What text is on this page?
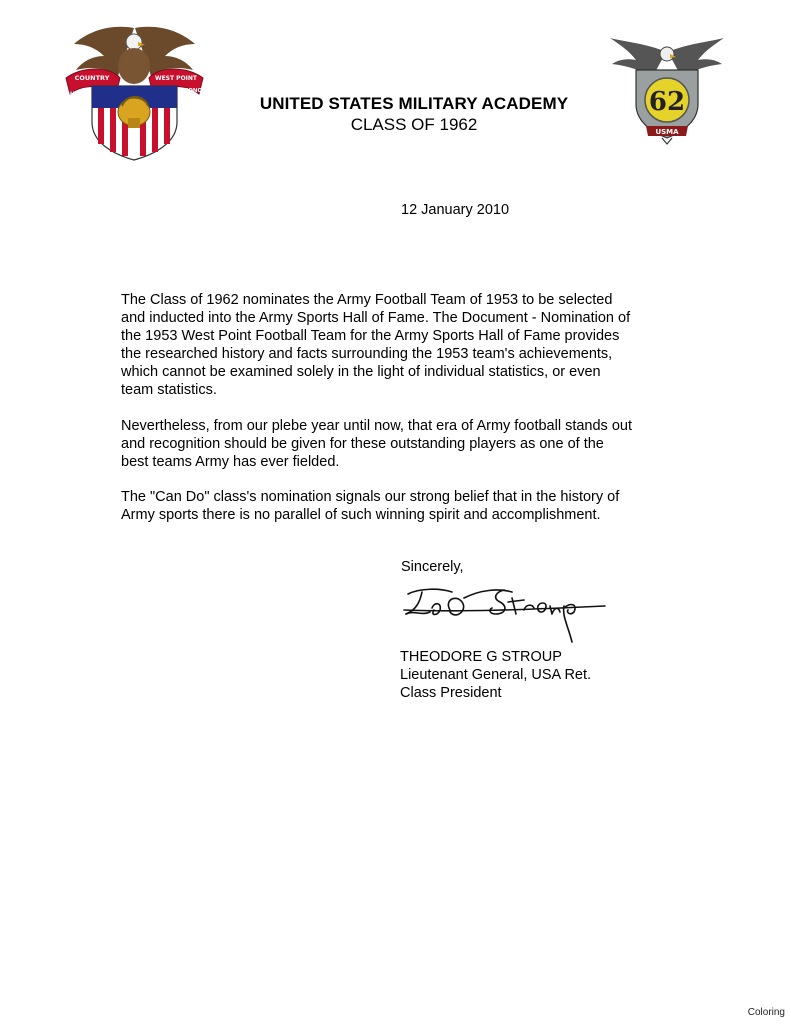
COUNTRY	WEST POINT
DUTY	HONOR
USMA	62
USMA
UNITED STATES MILITARY ACADEMY
CLASS OF 1962
12 January 2010
The Class of 1962 nominates the Army Football Team of 1953 to be selected
and inducted into the Army Sports Hall of Fame. The Document - Nomination of
the 1953 West Point Football Team for the Army Sports Hall of Fame provides
the researched history and facts surrounding the 1953 team's achievements,
which cannot be examined solely in the light of individual statistics, or even
team statistics.
Nevertheless, from our plebe year until now, that era of Army football stands out
and recognition should be given for these outstanding players as one of the
best teams Army has ever fielded.
The "Can Do" class's nomination signals our strong belief that in the history of
Army sports there is no parallel of such winning spirit and accomplishment.
Sincerely,
THEODORE G STROUP
Lieutenant General, USA Ret.
Class President
Coloring
